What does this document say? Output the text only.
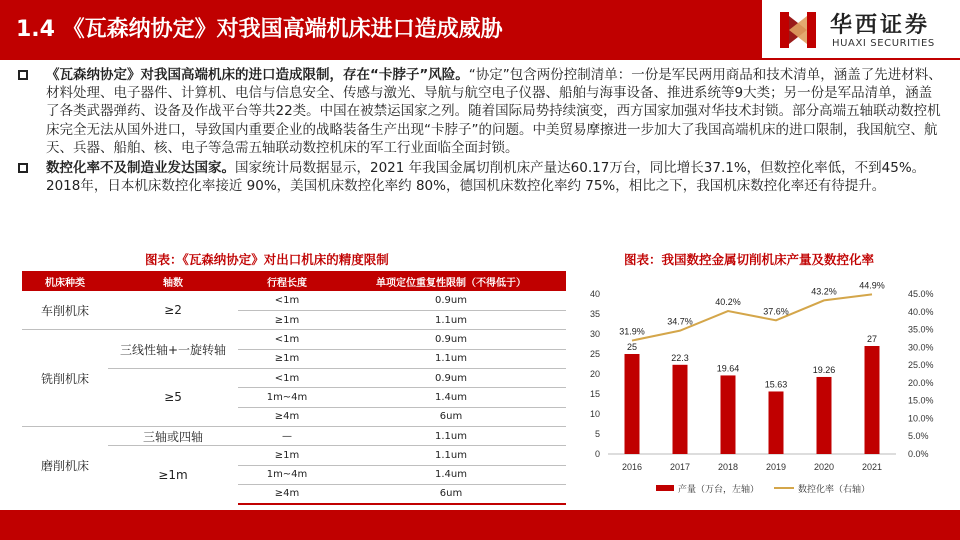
1.4 《瓦森纳协定》对我国高端机床进口造成威胁	华西证券
HUAXI SECURITIES
《瓦森纳协定》对我国高端机床的进口造成限制，存在“卡脖子”风险。“协定”包含两份控制清单：一份是军民两用商品和技术清单，涵盖了先进材料、材料处理、电子器件、计算机、电信与信息安全、传感与激光、导航与航空电子仪器、船舶与海事设备、推进系统等9大类；另一份是军品清单，涵盖了各类武器弹药、设备及作战平台等共22类。中国在被禁运国家之列。随着国际局势持续演变，西方国家加强对华技术封锁。部分高端五轴联动数控机床完全无法从国外进口，导致国内重要企业的战略装备生产出现“卡脖子”的问题。中美贸易摩擦进一步加大了我国高端机床的进口限制，我国航空、航天、兵器、船舶、核、电子等急需五轴联动数控机床的军工行业面临全面封锁。
数控化率不及制造业发达国家。国家统计局数据显示，2021 年我国金属切削机床产量达60.17万台，同比增长37.1%，但数控化率低，不到45%。2018年，日本机床数控化率接近 90%，美国机床数控化率约 80%，德国机床数控化率约 75%，相比之下，我国机床数控化率还有待提升。
图表：《瓦森纳协定》对出口机床的精度限制	图表：我国数控金属切削机床产量及数控化率
机床种类	轴数	行程长度	单项定位重复性限制（不得低于）
车削机床	≥2	<1m	0.9um
		≥1m	1.1um
铣削机床	三线性轴+一旋转轴	<1m	0.9um
		≥1m	1.1um
	≥5	<1m	0.9um
		1m~4m	1.4um
		≥4m	6um
磨削机床	三轴或四轴	—	1.1um
	≥1m	≥1m	1.1um
		1m~4m	1.4um
		≥4m	6um
0
5
10
15
20
25
30
35
40
0.0%
5.0%
10.0%
15.0%
20.0%
25.0%
30.0%
35.0%
40.0%
45.0%
25
22.3
19.64
15.63
19.26
27
2016	2017	2018	2019	2020	2021
31.9%
34.7%
40.2%
37.6%
43.2%
44.9%
产量（万台，左轴）	数控化率（右轴）
